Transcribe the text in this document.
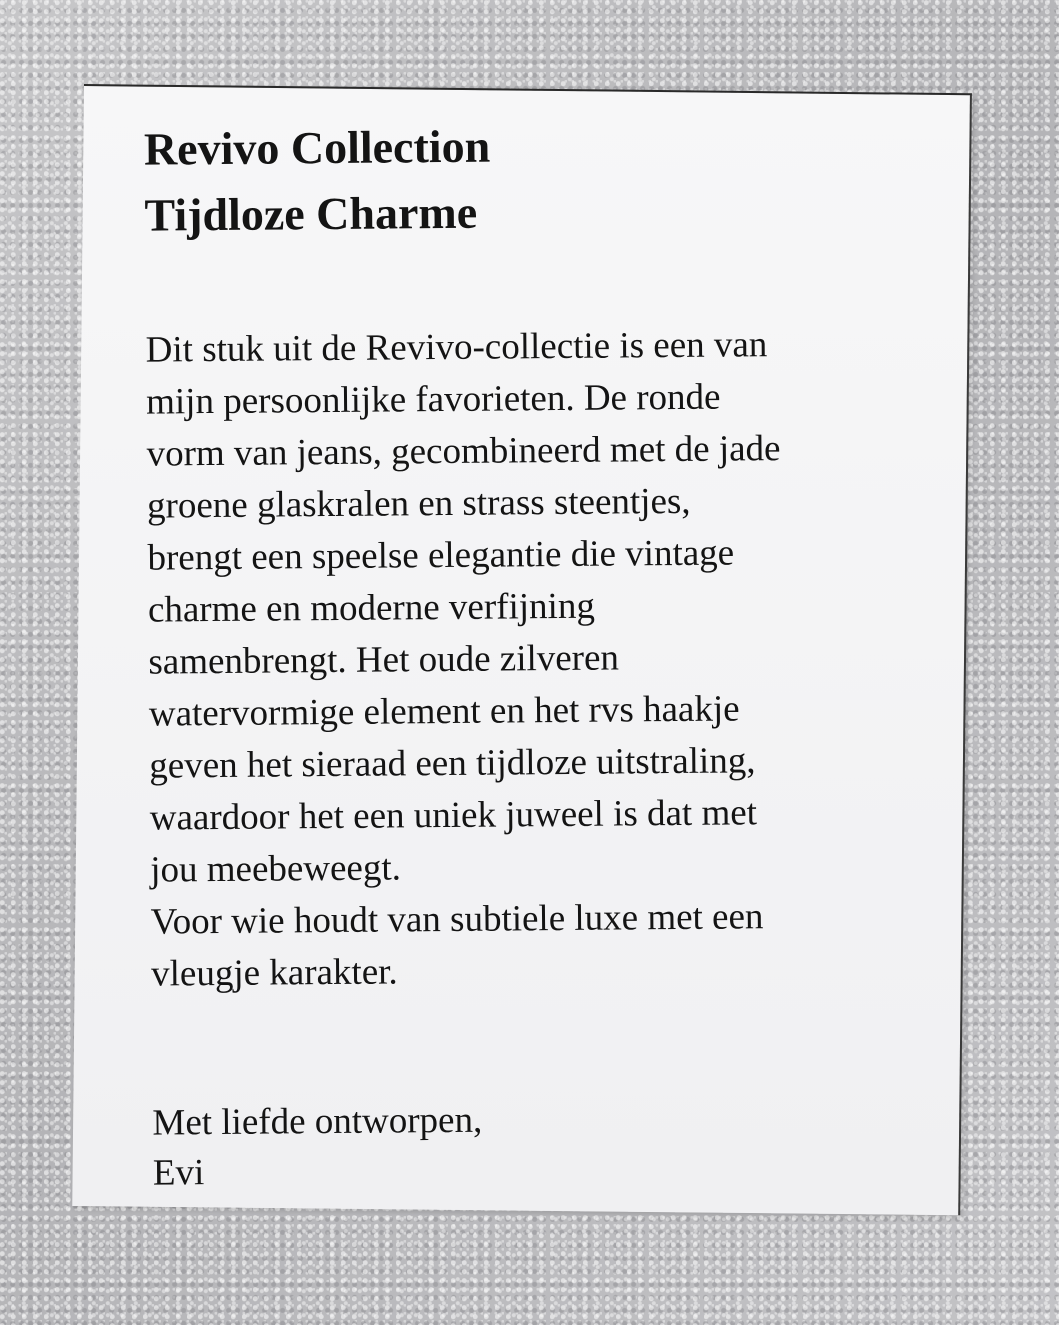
Revivo Collection
Tijdloze Charme
Dit stuk uit de Revivo-collectie is een van
mijn persoonlijke favorieten. De ronde
vorm van jeans, gecombineerd met de jade
groene glaskralen en strass steentjes,
brengt een speelse elegantie die vintage
charme en moderne verfijning
samenbrengt. Het oude zilveren
watervormige element en het rvs haakje
geven het sieraad een tijdloze uitstraling,
waardoor het een uniek juweel is dat met
jou meebeweegt.
Voor wie houdt van subtiele luxe met een
vleugje karakter.
Met liefde ontworpen,
Evi
